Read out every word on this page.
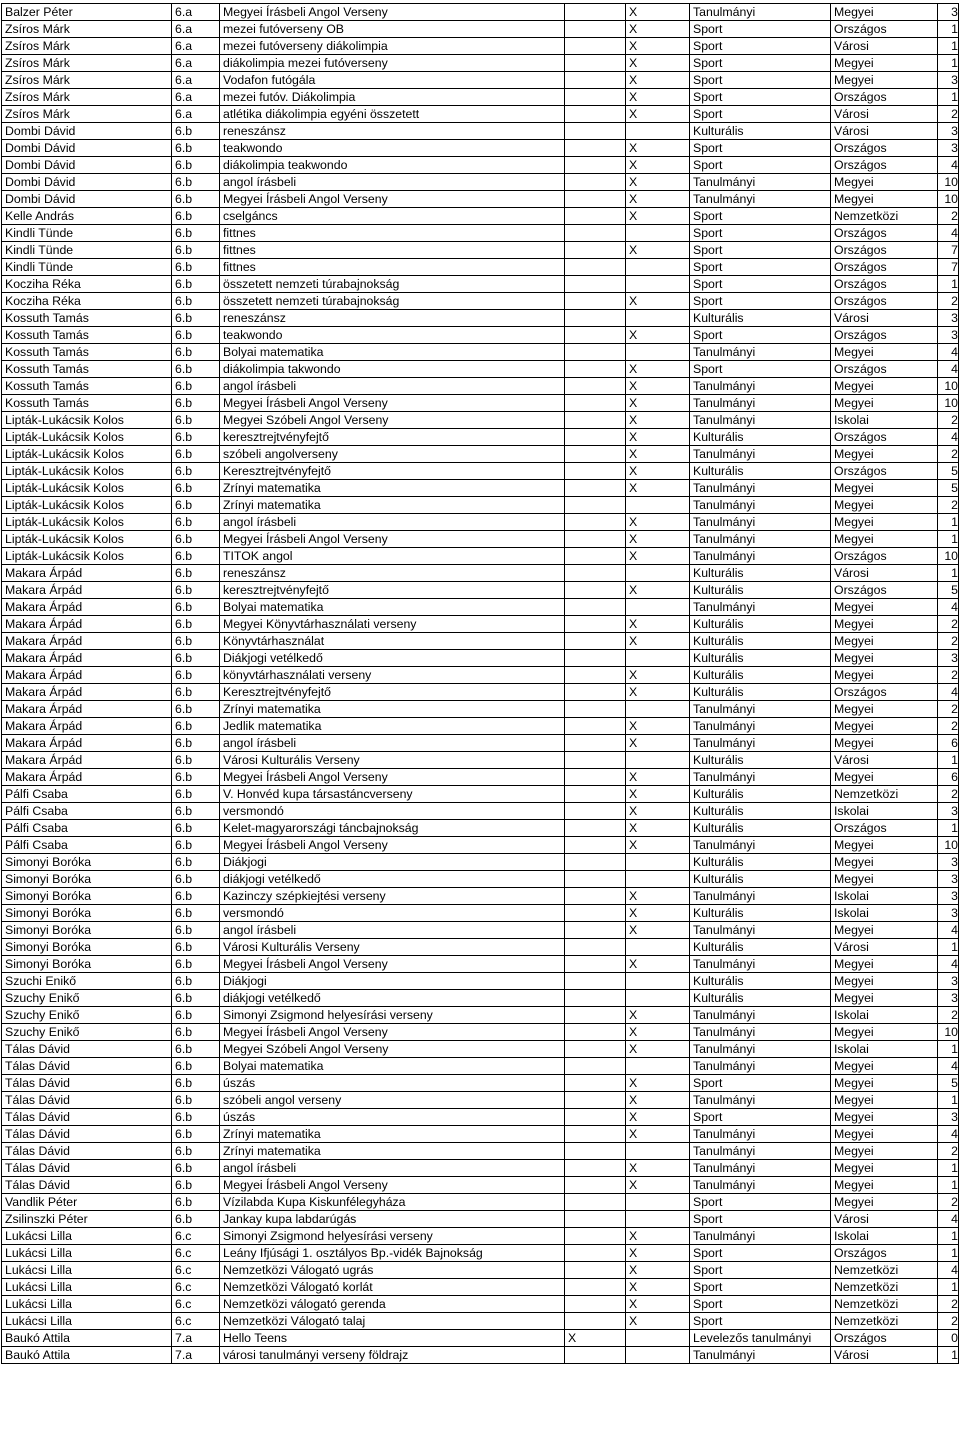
Balzer Péter	6.a	Megyei Írásbeli Angol Verseny		X	Tanulmányi	Megyei	3
Zsíros Márk	6.a	mezei futóverseny OB		X	Sport	Országos	1
Zsíros Márk	6.a	mezei futóverseny diákolimpia		X	Sport	Városi	1
Zsíros Márk	6.a	diákolimpia mezei futóverseny		X	Sport	Megyei	1
Zsíros Márk	6.a	Vodafon futógála		X	Sport	Megyei	3
Zsíros Márk	6.a	mezei futóv. Diákolimpia		X	Sport	Országos	1
Zsíros Márk	6.a	atlétika diákolimpia egyéni összetett		X	Sport	Városi	2
Dombi Dávid	6.b	reneszánsz			Kulturális	Városi	3
Dombi Dávid	6.b	teakwondo		X	Sport	Országos	3
Dombi Dávid	6.b	diákolimpia teakwondo		X	Sport	Országos	4
Dombi Dávid	6.b	angol írásbeli		X	Tanulmányi	Megyei	10
Dombi Dávid	6.b	Megyei Írásbeli Angol Verseny		X	Tanulmányi	Megyei	10
Kelle András	6.b	cselgáncs		X	Sport	Nemzetközi	2
Kindli Tünde	6.b	fittnes			Sport	Országos	4
Kindli Tünde	6.b	fittnes		X	Sport	Országos	7
Kindli Tünde	6.b	fittnes			Sport	Országos	7
Kocziha Réka	6.b	összetett nemzeti túrabajnokság			Sport	Országos	1
Kocziha Réka	6.b	összetett nemzeti túrabajnokság		X	Sport	Országos	2
Kossuth Tamás	6.b	reneszánsz			Kulturális	Városi	3
Kossuth Tamás	6.b	teakwondo		X	Sport	Országos	3
Kossuth Tamás	6.b	Bolyai matematika			Tanulmányi	Megyei	4
Kossuth Tamás	6.b	diákolimpia takwondo		X	Sport	Országos	4
Kossuth Tamás	6.b	angol írásbeli		X	Tanulmányi	Megyei	10
Kossuth Tamás	6.b	Megyei Írásbeli Angol Verseny		X	Tanulmányi	Megyei	10
Lipták-Lukácsik Kolos	6.b	Megyei Szóbeli Angol Verseny		X	Tanulmányi	Iskolai	2
Lipták-Lukácsik Kolos	6.b	keresztrejtvényfejtő		X	Kulturális	Országos	4
Lipták-Lukácsik Kolos	6.b	szóbeli angolverseny		X	Tanulmányi	Megyei	2
Lipták-Lukácsik Kolos	6.b	Keresztrejtvényfejtő		X	Kulturális	Országos	5
Lipták-Lukácsik Kolos	6.b	Zrínyi matematika		X	Tanulmányi	Megyei	5
Lipták-Lukácsik Kolos	6.b	Zrínyi matematika			Tanulmányi	Megyei	2
Lipták-Lukácsik Kolos	6.b	angol írásbeli		X	Tanulmányi	Megyei	1
Lipták-Lukácsik Kolos	6.b	Megyei Írásbeli Angol Verseny		X	Tanulmányi	Megyei	1
Lipták-Lukácsik Kolos	6.b	TITOK angol		X	Tanulmányi	Országos	10
Makara Árpád	6.b	reneszánsz			Kulturális	Városi	1
Makara Árpád	6.b	keresztrejtvényfejtő		X	Kulturális	Országos	5
Makara Árpád	6.b	Bolyai matematika			Tanulmányi	Megyei	4
Makara Árpád	6.b	Megyei Könyvtárhasználati verseny		X	Kulturális	Megyei	2
Makara Árpád	6.b	Könyvtárhasználat		X	Kulturális	Megyei	2
Makara Árpád	6.b	Diákjogi vetélkedő			Kulturális	Megyei	3
Makara Árpád	6.b	könyvtárhasználati verseny		X	Kulturális	Megyei	2
Makara Árpád	6.b	Keresztrejtvényfejtő		X	Kulturális	Országos	4
Makara Árpád	6.b	Zrínyi matematika			Tanulmányi	Megyei	2
Makara Árpád	6.b	Jedlik matematika		X	Tanulmányi	Megyei	2
Makara Árpád	6.b	angol írásbeli		X	Tanulmányi	Megyei	6
Makara Árpád	6.b	Városi Kulturális Verseny			Kulturális	Városi	1
Makara Árpád	6.b	Megyei Írásbeli Angol Verseny		X	Tanulmányi	Megyei	6
Pálfi Csaba	6.b	V. Honvéd kupa társastáncverseny		X	Kulturális	Nemzetközi	2
Pálfi Csaba	6.b	versmondó		X	Kulturális	Iskolai	3
Pálfi Csaba	6.b	Kelet-magyarországi táncbajnokság		X	Kulturális	Országos	1
Pálfi Csaba	6.b	Megyei Írásbeli Angol Verseny		X	Tanulmányi	Megyei	10
Simonyi Boróka	6.b	Diákjogi			Kulturális	Megyei	3
Simonyi Boróka	6.b	diákjogi vetélkedő			Kulturális	Megyei	3
Simonyi Boróka	6.b	Kazinczy szépkiejtési verseny		X	Tanulmányi	Iskolai	3
Simonyi Boróka	6.b	versmondó		X	Kulturális	Iskolai	3
Simonyi Boróka	6.b	angol írásbeli		X	Tanulmányi	Megyei	4
Simonyi Boróka	6.b	Városi Kulturális Verseny			Kulturális	Városi	1
Simonyi Boróka	6.b	Megyei Írásbeli Angol Verseny		X	Tanulmányi	Megyei	4
Szuchi Enikő	6.b	Diákjogi			Kulturális	Megyei	3
Szuchy Enikő	6.b	diákjogi vetélkedő			Kulturális	Megyei	3
Szuchy Enikő	6.b	Simonyi Zsigmond helyesírási verseny		X	Tanulmányi	Iskolai	2
Szuchy Enikő	6.b	Megyei Írásbeli Angol Verseny		X	Tanulmányi	Megyei	10
Tálas Dávid	6.b	Megyei Szóbeli Angol Verseny		X	Tanulmányi	Iskolai	1
Tálas Dávid	6.b	Bolyai matematika			Tanulmányi	Megyei	4
Tálas Dávid	6.b	úszás		X	Sport	Megyei	5
Tálas Dávid	6.b	szóbeli angol verseny		X	Tanulmányi	Megyei	1
Tálas Dávid	6.b	úszás		X	Sport	Megyei	3
Tálas Dávid	6.b	Zrínyi matematika		X	Tanulmányi	Megyei	4
Tálas Dávid	6.b	Zrínyi matematika			Tanulmányi	Megyei	2
Tálas Dávid	6.b	angol írásbeli		X	Tanulmányi	Megyei	1
Tálas Dávid	6.b	Megyei Írásbeli Angol Verseny		X	Tanulmányi	Megyei	1
Vandlik Péter	6.b	Vízilabda Kupa Kiskunfélegyháza			Sport	Megyei	2
Zsilinszki Péter	6.b	Jankay kupa labdarúgás			Sport	Városi	4
Lukácsi Lilla	6.c	Simonyi Zsigmond helyesírási verseny		X	Tanulmányi	Iskolai	1
Lukácsi Lilla	6.c	Leány Ifjúsági 1. osztályos Bp.-vidék Bajnokság		X	Sport	Országos	1
Lukácsi Lilla	6.c	Nemzetközi Válogató ugrás		X	Sport	Nemzetközi	4
Lukácsi Lilla	6.c	Nemzetközi Válogató korlát		X	Sport	Nemzetközi	1
Lukácsi Lilla	6.c	Nemzetközi válogató gerenda		X	Sport	Nemzetközi	2
Lukácsi Lilla	6.c	Nemzetközi Válogató talaj		X	Sport	Nemzetközi	2
Baukó Attila	7.a	Hello Teens	X		Levelezős tanulmányi	Országos	0
Baukó Attila	7.a	városi tanulmányi verseny földrajz			Tanulmányi	Városi	1
